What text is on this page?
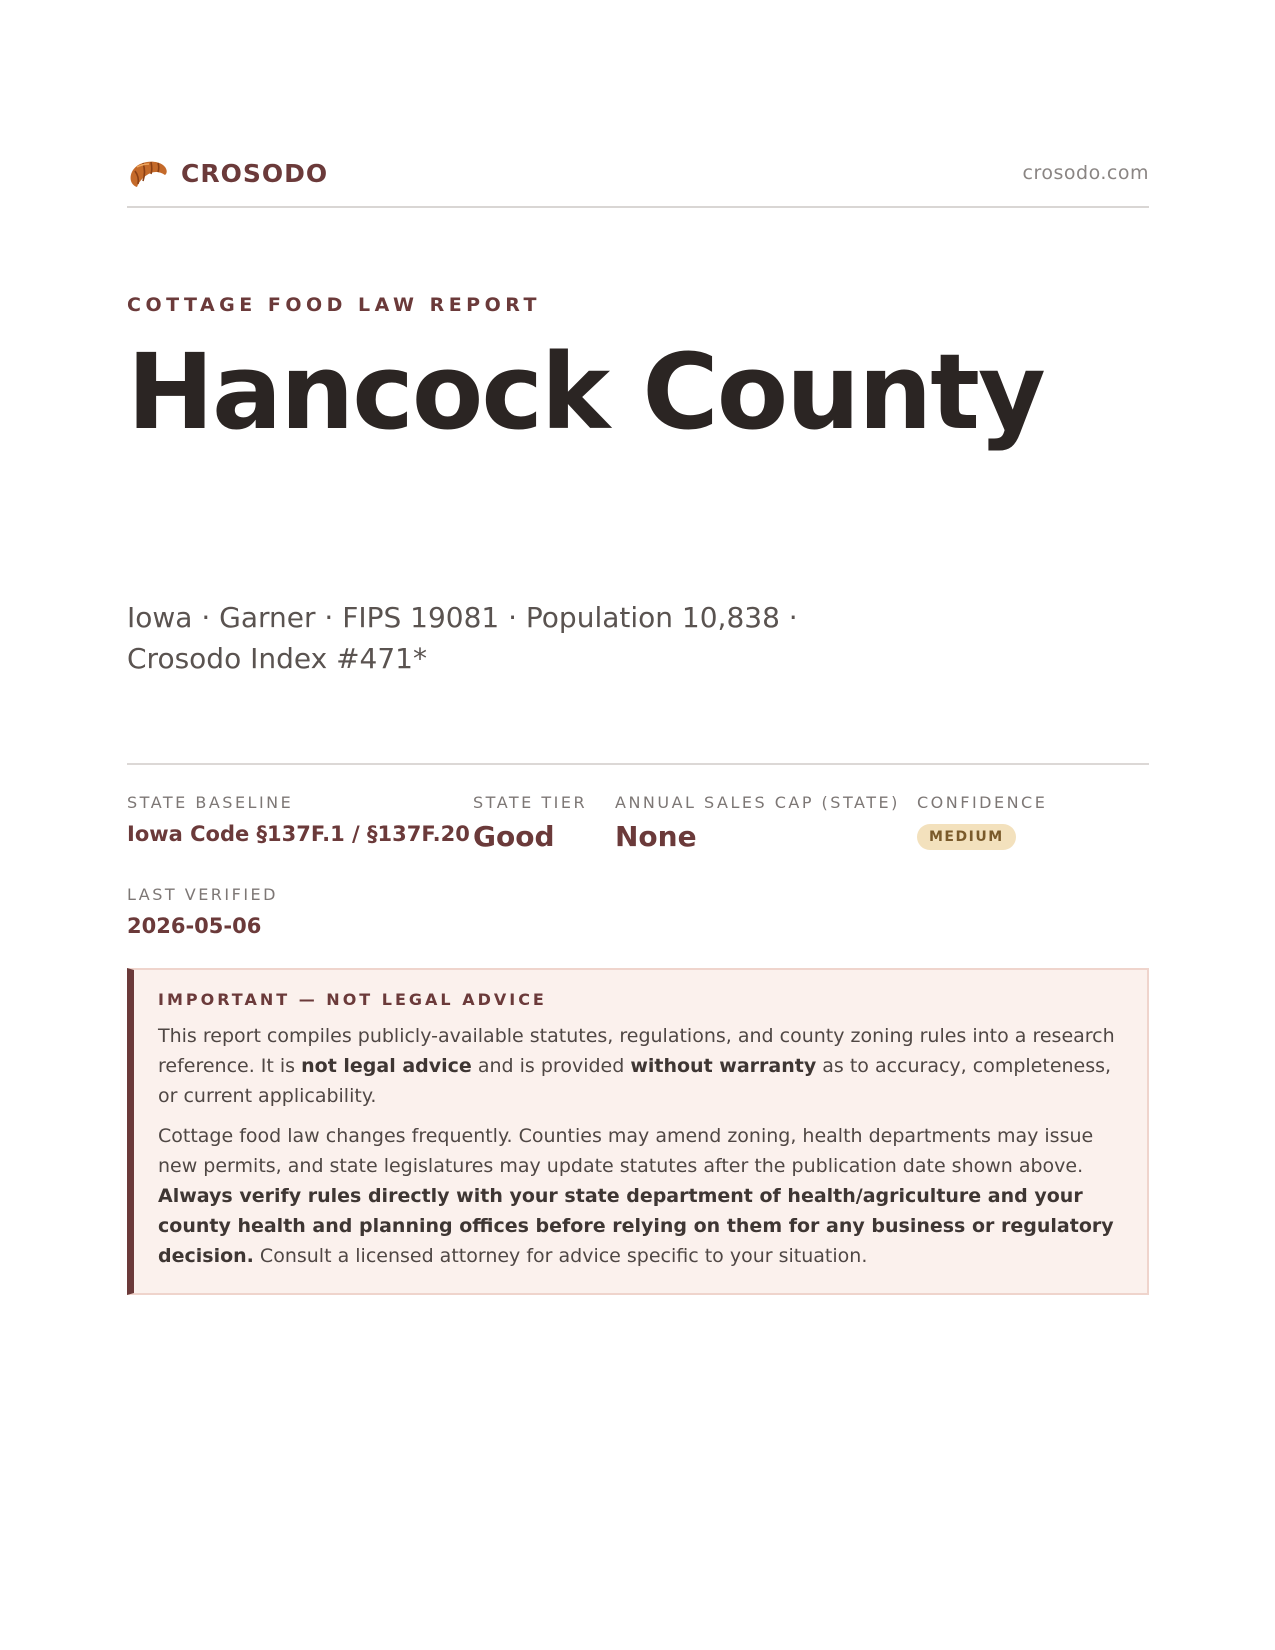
CROSODO	crosodo.com
COTTAGE FOOD LAW REPORT
Hancock County
Iowa · Garner · FIPS 19081 · Population 10,838 · Crosodo Index #471*
STATE BASELINE
Iowa Code §137F.1 / §137F.20
STATE TIER
Good
ANNUAL SALES CAP (STATE)
None
CONFIDENCE
MEDIUM
LAST VERIFIED
2026-05-06
IMPORTANT — NOT LEGAL ADVICE

This report compiles publicly-available statutes, regulations, and county zoning rules into a research reference. It is not legal advice and is provided without warranty as to accuracy, completeness, or current applicability.

Cottage food law changes frequently. Counties may amend zoning, health departments may issue new permits, and state legislatures may update statutes after the publication date shown above. Always verify rules directly with your state department of health/agriculture and your county health and planning offices before relying on them for any business or regulatory decision. Consult a licensed attorney for advice specific to your situation.
